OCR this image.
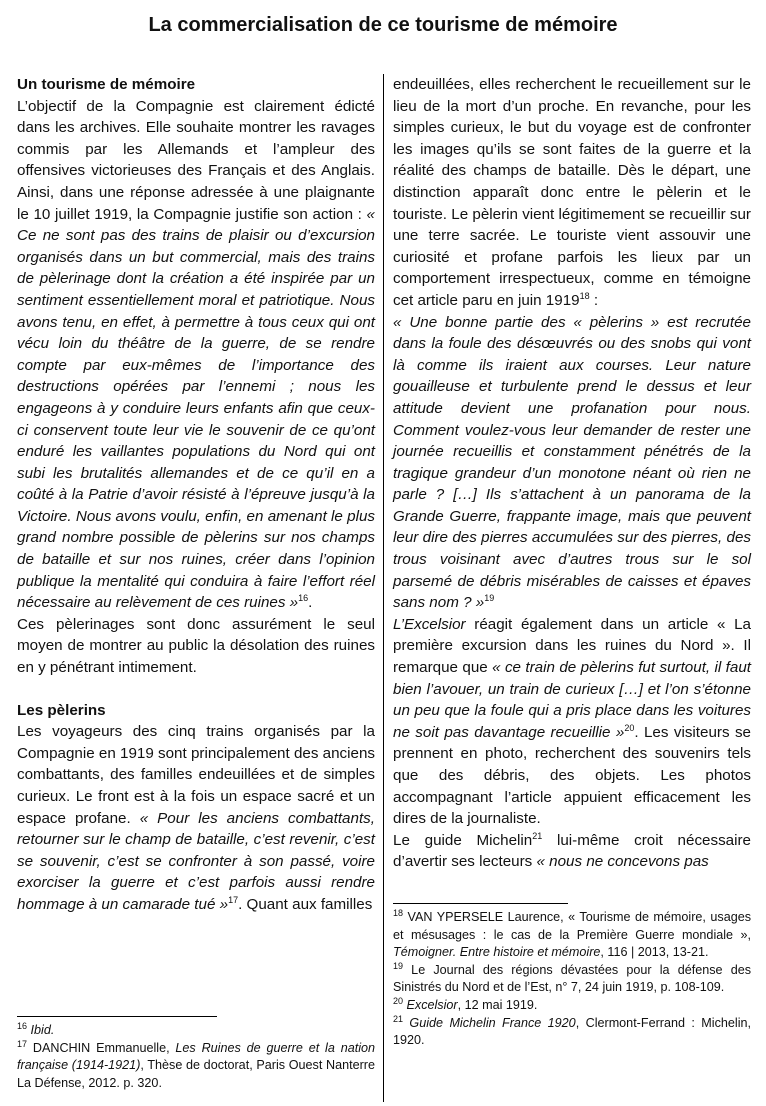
La commercialisation de ce tourisme de mémoire

Un tourisme de mémoire

L’objectif de la Compagnie est clairement édicté dans les archives. Elle souhaite montrer les ravages commis par les Allemands et l’ampleur des offensives victorieuses des Français et des Anglais. Ainsi, dans une réponse adressée à une plaignante le 10 juillet 1919, la Compagnie justifie son action : « Ce ne sont pas des trains de plaisir ou d’excursion organisés dans un but commercial, mais des trains de pèlerinage dont la création a été inspirée par un sentiment essentiellement moral et patriotique. Nous avons tenu, en effet, à permettre à tous ceux qui ont vécu loin du théâtre de la guerre, de se rendre compte par eux-mêmes de l’importance des destructions opérées par l’ennemi ; nous les engageons à y conduire leurs enfants afin que ceux-ci conservent toute leur vie le souvenir de ce qu’ont enduré les vaillantes populations du Nord qui ont subi les brutalités allemandes et de ce qu’il en a coûté à la Patrie d’avoir résisté à l’épreuve jusqu’à la Victoire. Nous avons voulu, enfin, en amenant le plus grand nombre possible de pèlerins sur nos champs de bataille et sur nos ruines, créer dans l’opinion publique la mentalité qui conduira à faire l’effort réel nécessaire au relèvement de ces ruines »$^{16}$.

Ces pèlerinages sont donc assurément le seul moyen de montrer au public la désolation des ruines en y pénétrant intimement.

Les pèlerins

Les voyageurs des cinq trains organisés par la Compagnie en 1919 sont principalement des anciens combattants, des familles endeuillées et de simples curieux. Le front est à la fois un espace sacré et un espace profane. « Pour les anciens combattants, retourner sur le champ de bataille, c’est revenir, c’est se souvenir, c’est se confronter à son passé, voire exorciser la guerre et c’est parfois aussi rendre hommage à un camarade tué »$^{17}$. Quant aux familles

endeuillées, elles recherchent le recueillement sur le lieu de la mort d’un proche. En revanche, pour les simples curieux, le but du voyage est de confronter les images qu’ils se sont faites de la guerre et la réalité des champs de bataille. Dès le départ, une distinction apparaît donc entre le pèlerin et le touriste. Le pèlerin vient légitimement se recueillir sur une terre sacrée. Le touriste vient assouvir une curiosité et profane parfois les lieux par un comportement irrespectueux, comme en témoigne cet article paru en juin 1919$^{18}$ :

« Une bonne partie des « pèlerins » est recrutée dans la foule des désœuvrés ou des snobs qui vont là comme ils iraient aux courses. Leur nature gouailleuse et turbulente prend le dessus et leur attitude devient une profanation pour nous. Comment voulez-vous leur demander de rester une journée recueillis et constamment pénétrés de la tragique grandeur d’un monotone néant où rien ne parle ? […] Ils s’attachent à un panorama de la Grande Guerre, frappante image, mais que peuvent leur dire des pierres accumulées sur des pierres, des trous voisinant avec d’autres trous sur le sol parsemé de débris misérables de caisses et épaves sans nom ? »$^{19}$

L’Excelsior réagit également dans un article « La première excursion dans les ruines du Nord ». Il remarque que « ce train de pèlerins fut surtout, il faut bien l’avouer, un train de curieux […] et l’on s’étonne un peu que la foule qui a pris place dans les voitures ne soit pas davantage recueillie »$^{20}$. Les visiteurs se prennent en photo, recherchent des souvenirs tels que des débris, des objets. Les photos accompagnant l’article appuient efficacement les dires de la journaliste.

Le guide Michelin$^{21}$ lui-même croit nécessaire d’avertir ses lecteurs « nous ne concevons pas

$^{16}$ Ibid.

$^{17}$ DANCHIN Emmanuelle, Les Ruines de guerre et la nation française (1914-1921), Thèse de doctorat, Paris Ouest Nanterre La Défense, 2012. p. 320.

$^{18}$ VAN YPERSELE Laurence, « Tourisme de mémoire, usages et mésusages : le cas de la Première Guerre mondiale », Témoigner. Entre histoire et mémoire, 116 | 2013, 13-21.

$^{19}$ Le Journal des régions dévastées pour la défense des Sinistrés du Nord et de l’Est, n° 7, 24 juin 1919, p. 108-109.

$^{20}$ Excelsior, 12 mai 1919.

$^{21}$ Guide Michelin France 1920, Clermont-Ferrand : Michelin, 1920.
